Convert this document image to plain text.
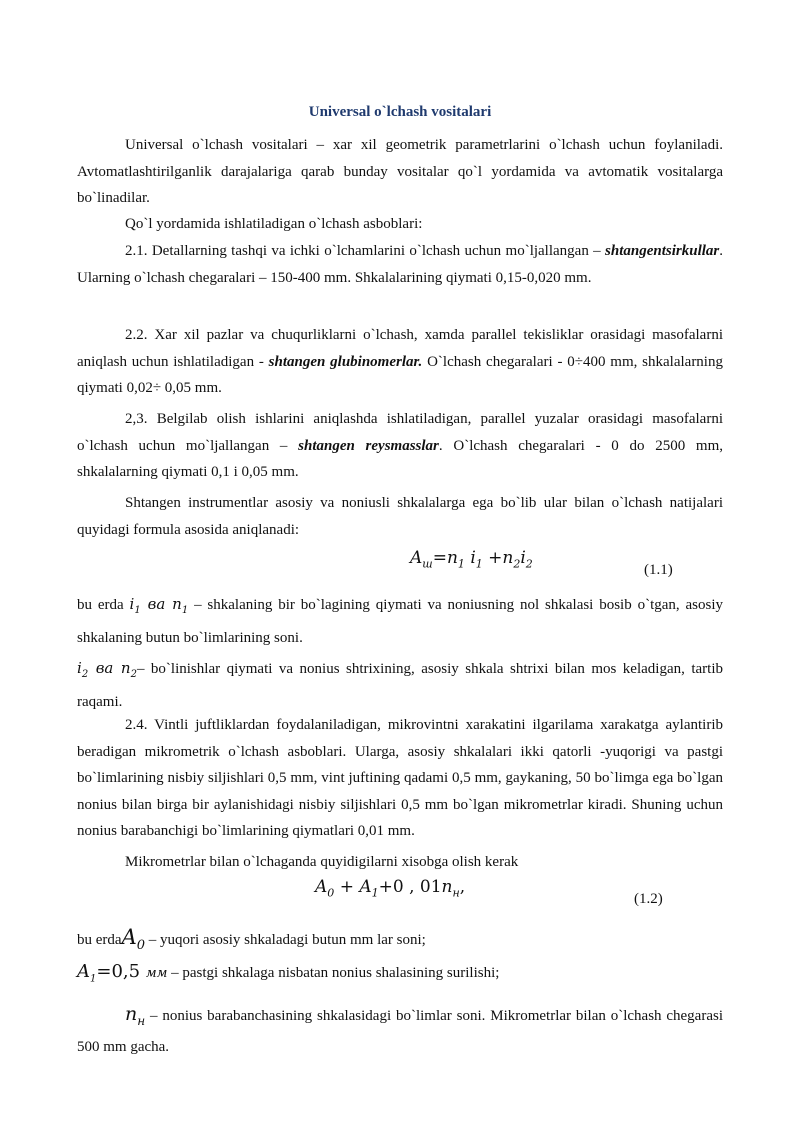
Universal o`lchash vositalari

Universal o`lchash vositalari – xar xil geometrik parametrlarini o`lchash uchun foylaniladi. Avtomatlashtirilganlik darajalariga qarab bunday vositalar qo`l yordamida va avtomatik vositalarga bo`linadilar.

Qo`l yordamida ishlatiladigan o`lchash asboblari:

2.1. Detallarning tashqi va ichki o`lchamlarini o`lchash uchun mo`ljallangan – shtangentsirkullar. Ularning o`lchash chegaralari – 150-400 mm. Shkalalarining qiymati 0,15-0,020 mm.

2.2. Xar xil pazlar va chuqurliklarni o`lchash, xamda parallel tekisliklar orasidagi masofalarni aniqlash uchun ishlatiladigan - shtangen glubinomerlar. O`lchash chegaralari - 0÷400 mm, shkalalarning qiymati 0,02÷ 0,05 mm.

2,3. Belgilab olish ishlarini aniqlashda ishlatiladigan, parallel yuzalar orasidagi masofalarni o`lchash uchun mo`ljallangan – shtangen reysmasslar. O`lchash chegaralari - 0 do 2500 mm, shkalalarning qiymati 0,1 i 0,05 mm.

Shtangen instrumentlar asosiy va noniusli shkalalarga ega bo`lib ular bilan o`lchash natijalari quyidagi formula asosida aniqlanadi:

$A_ш=n_1$ $i_1 +n_2i_2$	(1.1)

bu erda $i_1$ ва $n_1$ – shkalaning bir bo`lagining qiymati va noniusning nol shkalasi bosib o`tgan, asosiy shkalaning butun bo`limlarining soni.

$i_2$ ва $n_2-$ bo`linishlar qiymati va nonius shtrixining, asosiy shkala shtrixi bilan mos keladigan, tartib raqami.

2.4. Vintli juftliklardan foydalaniladigan, mikrovintni xarakatini ilgarilama xarakatga aylantirib beradigan mikrometrik o`lchash asboblari. Ularga, asosiy shkalalari ikki qatorli -yuqorigi va pastgi bo`limlarining nisbiy siljishlari 0,5 mm, vint juftining qadami 0,5 mm, gaykaning, 50 bo`limga ega bo`lgan nonius bilan birga bir aylanishidagi nisbiy siljishlari 0,5 mm bo`lgan mikrometrlar kiradi. Shuning uchun nonius barabanchigi bo`limlarining qiymatlari 0,01 mm.

Mikrometrlar bilan o`lchaganda quyidigilarni xisobga olish kerak

$A_0 + A_1+0$ , $01n_н$,
(1.2)

bu erdaA$_0$ – yuqori asosiy shkaladagi butun mm lar soni;

$A_1=0,5$ мм – pastgi shkalaga nisbatan nonius shalasining surilishi;

$n_н$ – nonius barabanchasining shkalasidagi bo`limlar soni. Mikrometrlar bilan o`lchash chegarasi 500 mm gacha.
